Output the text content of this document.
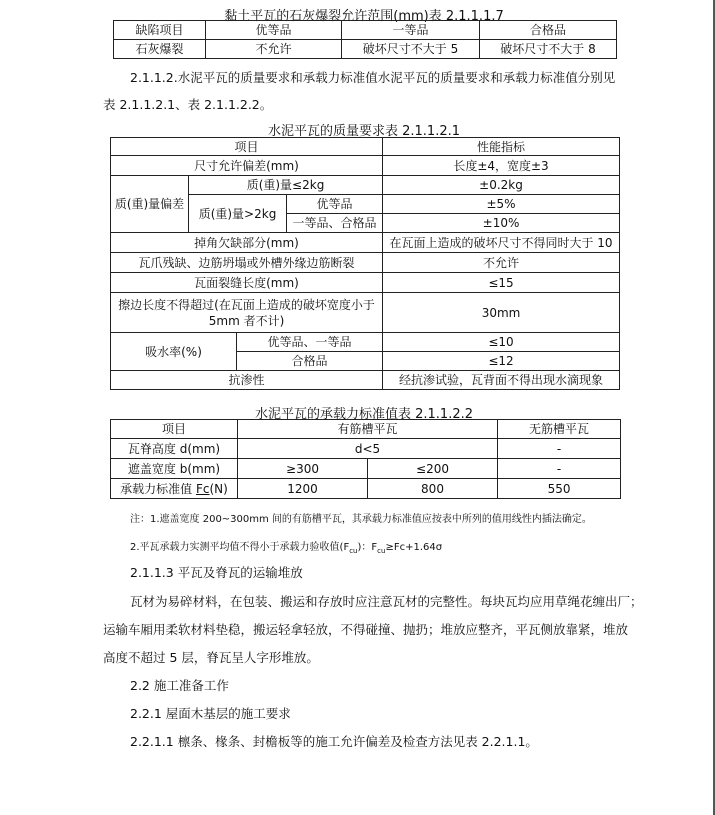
黏土平瓦的石灰爆裂允许范围(mm)表 2.1.1.1.7
缺陷项目	优等品	一等品	合格品
石灰爆裂	不允许	破坏尺寸不大于 5	破坏尺寸不大于 8
2.1.1.2.水泥平瓦的质量要求和承载力标准值水泥平瓦的质量要求和承载力标准值分别见
表 2.1.1.2.1、表 2.1.1.2.2。
水泥平瓦的质量要求表 2.1.1.2.1
项目				性能指标
尺寸允许偏差(mm)				长度±4，宽度±3
质(重)量偏差	质(重)量≤2kg			±0.2kg
	质(重)量>2kg		优等品	±5%
			一等品、合格品	±10%
掉角欠缺部分(mm)				在瓦面上造成的破坏尺寸不得同时大于 10
瓦爪残缺、边筋坍塌或外槽外缘边筋断裂				不允许
瓦面裂缝长度(mm)				≤15

擦边长度不得超过(在瓦面上造成的破坏宽度小于
5mm 者不计)				30mm
吸水率(%)		优等品、一等品		≤10
		合格品		≤12
抗渗性				经抗渗试验，瓦背面不得出现水滴现象
水泥平瓦的承载力标准值表 2.1.1.2.2
项目	有筋槽平瓦		无筋槽平瓦
瓦脊高度 d(mm)	d<5		-
遮盖宽度 b(mm)	≥300	≤200	-
承载力标准值 Fc(N)	1200	800	550
注：1.遮盖宽度 200~300mm 间的有筋槽平瓦，其承载力标准值应按表中所列的值用线性内插法确定。
2.平瓦承载力实测平均值不得小于承载力验收值$(F_{cu})$：$F_{cu}\ge Fc+1.64\sigma$
2.1.1.3 平瓦及脊瓦的运输堆放
瓦材为易碎材料，在包装、搬运和存放时应注意瓦材的完整性。每块瓦均应用草绳花缠出厂；
运输车厢用柔软材料垫稳，搬运轻拿轻放，不得碰撞、抛扔；堆放应整齐，平瓦侧放靠紧，堆放
高度不超过 5 层，脊瓦呈人字形堆放。
2.2 施工准备工作
2.2.1 屋面木基层的施工要求
2.2.1.1 檩条、椽条、封檐板等的施工允许偏差及检查方法见表 2.2.1.1。
